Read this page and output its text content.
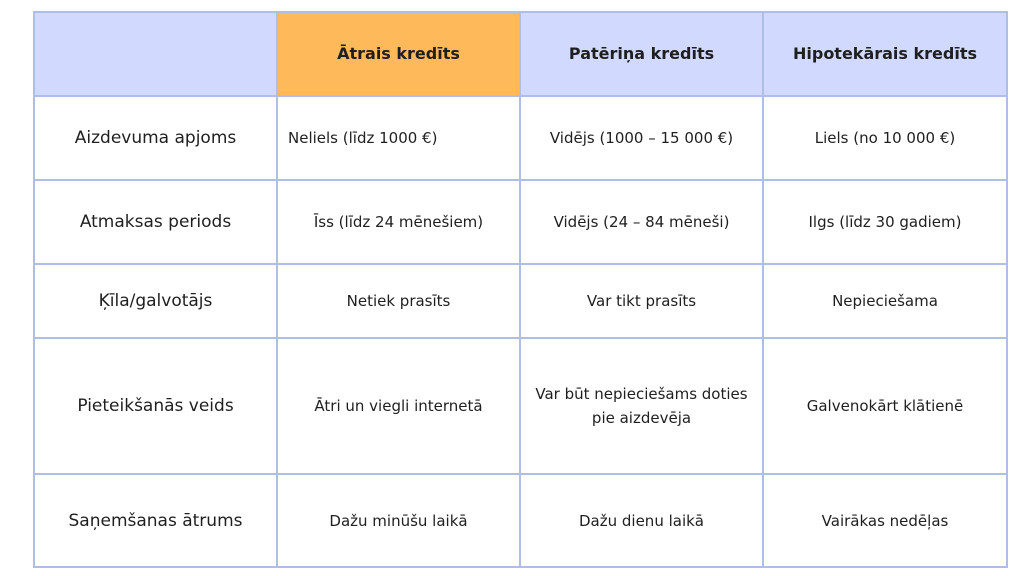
	Ātrais kredīts	Patēriņa kredīts	Hipotekārais kredīts
Aizdevuma apjoms	Neliels (līdz 1000 €)	Vidējs (1000 – 15 000 €)	Liels (no 10 000 €)
Atmaksas periods	Īss (līdz 24 mēnešiem)	Vidējs (24 – 84 mēneši)	Ilgs (līdz 30 gadiem)
Ķīla/galvotājs	Netiek prasīts	Var tikt prasīts	Nepieciešama
Pieteikšanās veids	Ātri un viegli internetā	Var būt nepieciešams doties pie aizdevēja	Galvenokārt klātienē
Saņemšanas ātrums	Dažu minūšu laikā	Dažu dienu laikā	Vairākas nedēļas
